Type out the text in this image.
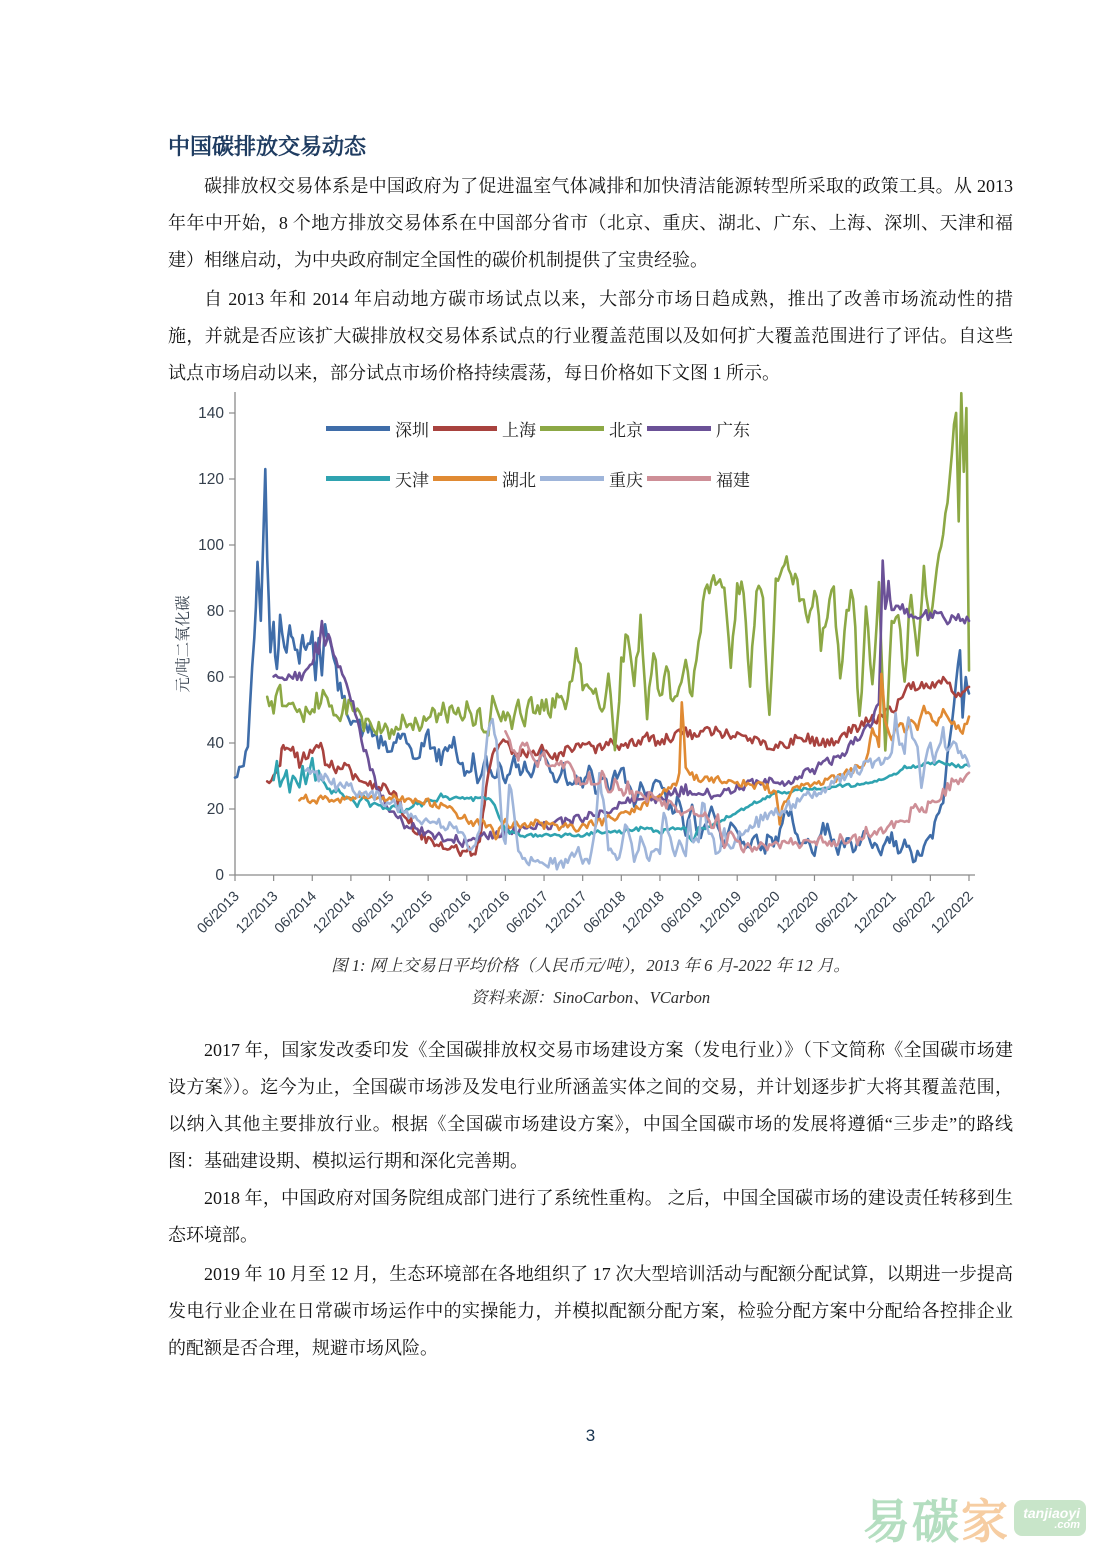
中国碳排放交易动态

碳排放权交易体系是中国政府为了促进温室气体减排和加快清洁能源转型所采取的政策工具。从 2013 年年中开始，8 个地方排放交易体系在中国部分省市（北京、重庆、湖北、广东、上海、深圳、天津和福建）相继启动，为中央政府制定全国性的碳价机制提供了宝贵经验。

自 2013 年和 2014 年启动地方碳市场试点以来，大部分市场日趋成熟，推出了改善市场流动性的措施，并就是否应该扩大碳排放权交易体系试点的行业覆盖范围以及如何扩大覆盖范围进行了评估。自这些试点市场启动以来，部分试点市场价格持续震荡，每日价格如下文图 1 所示。

0
20
40
60
80
100
120
140
06/2013
12/2013
06/2014
12/2014
06/2015
12/2015
06/2016
12/2016
06/2017
12/2017
06/2018
12/2018
06/2019
12/2019
06/2020
12/2020
06/2021
12/2021
06/2022
12/2022
元/吨二氧化碳
深圳	上海	北京	广东
天津	湖北	重庆	福建
图 1: 网上交易日平均价格（人民币元/吨），2013 年 6 月-2022 年 12 月。
资料来源：SinoCarbon、VCarbon

2017 年，国家发改委印发《全国碳排放权交易市场建设方案（发电行业）》（下文简称《全国碳市场建设方案》）。迄今为止，全国碳市场涉及发电行业所涵盖实体之间的交易，并计划逐步扩大将其覆盖范围，以纳入其他主要排放行业。根据《全国碳市场建设方案》，中国全国碳市场的发展将遵循“三步走”的路线图：基础建设期、模拟运行期和深化完善期。

2018 年，中国政府对国务院组成部门进行了系统性重构。 之后，中国全国碳市场的建设责任转移到生态环境部。

2019 年 10 月至 12 月，生态环境部在各地组织了 17 次大型培训活动与配额分配试算，以期进一步提高发电行业企业在日常碳市场运作中的实操能力，并模拟配额分配方案，检验分配方案中分配给各控排企业的配额是否合理，规避市场风险。

3
易碳 家 tanjiaoyi
.com
